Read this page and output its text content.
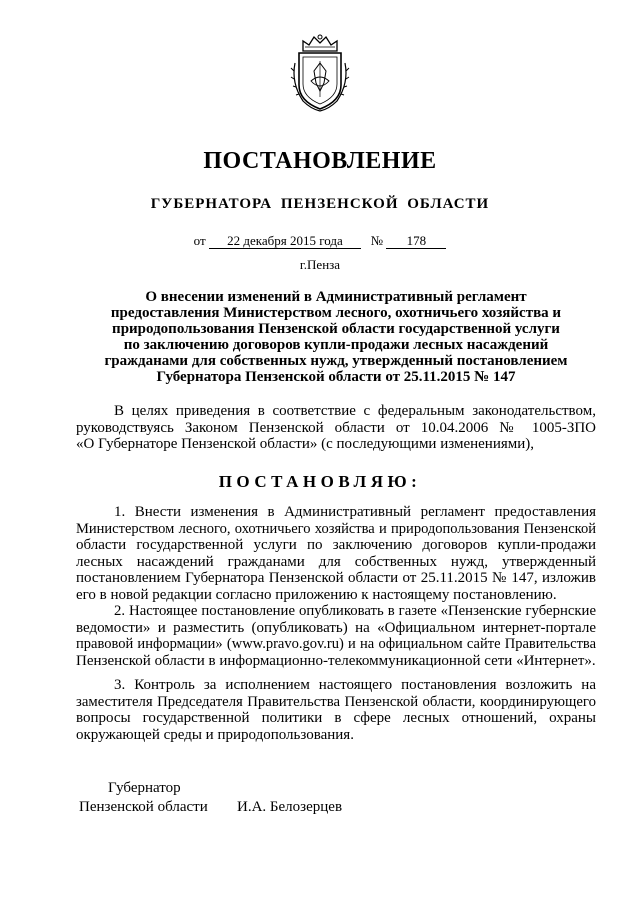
ПОСТАНОВЛЕНИЕ
ГУБЕРНАТОРА ПЕНЗЕНСКОЙ ОБЛАСТИ
от 22 декабря 2015 года № 178
г.Пенза
О внесении изменений в Административный регламент
предоставления Министерством лесного, охотничьего хозяйства и
природопользования Пензенской области государственной услуги
по заключению договоров купли-продажи лесных насаждений
гражданами для собственных нужд, утвержденный постановлением
Губернатора Пензенской области от 25.11.2015 № 147
В целях приведения в соответствие с федеральным законодательством,
руководствуясь Законом Пензенской области от 10.04.2006 № 1005-ЗПО
«О Губернаторе Пензенской области» (с последующими изменениями),
ПОСТАНОВЛЯЮ:
1. Внести изменения в Административный регламент предоставления
Министерством лесного, охотничьего хозяйства и природопользования Пензенской
области государственной услуги по заключению договоров купли-продажи
лесных насаждений гражданами для собственных нужд, утвержденный
постановлением Губернатора Пензенской области от 25.11.2015 № 147, изложив
его в новой редакции согласно приложению к настоящему постановлению.
2. Настоящее постановление опубликовать в газете «Пензенские губернские
ведомости» и разместить (опубликовать) на «Официальном интернет-портале
правовой информации» (www.pravo.gov.ru) и на официальном сайте Правительства
Пензенской области в информационно-телекоммуникационной сети «Интернет».
3. Контроль за исполнением настоящего постановления возложить на
заместителя Председателя Правительства Пензенской области, координирующего
вопросы государственной политики в сфере лесных отношений, охраны
окружающей среды и природопользования.
Губернатор
Пензенской области И.А. Белозерцев
